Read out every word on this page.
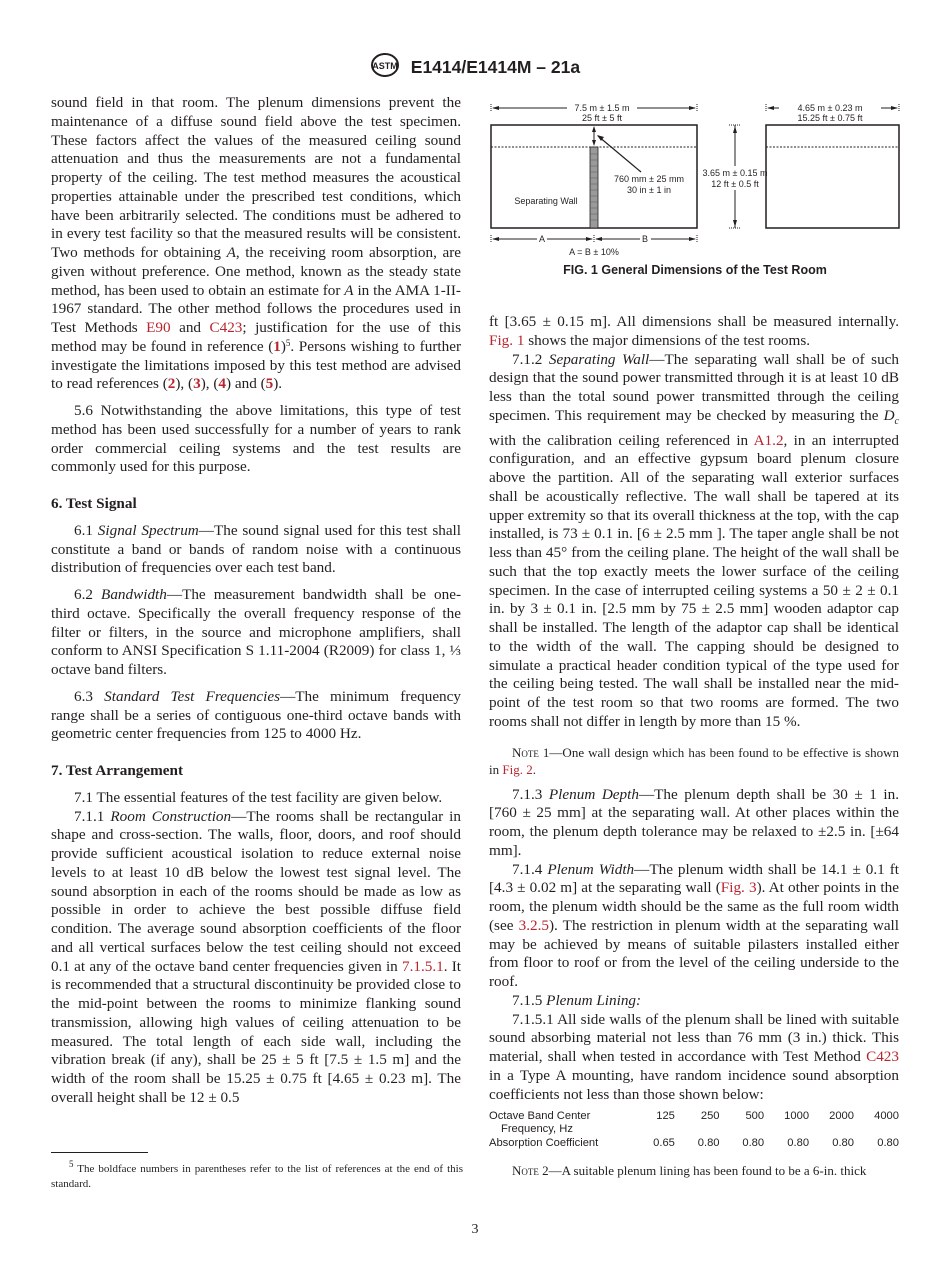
ASTM E1414/E1414M – 21a

sound field in that room. The plenum dimensions prevent the maintenance of a diffuse sound field above the test specimen. These factors affect the values of the measured ceiling sound attenuation and thus the measurements are not a fundamental property of the ceiling. The test method measures the acoustical properties attainable under the prescribed test conditions, which have been arbitrarily selected. The conditions must be adhered to in every test facility so that the measured results will be consistent. Two methods for obtaining A, the receiving room absorption, are given without preference. One method, known as the steady state method, has been used to obtain an estimate for A in the AMA 1-II-1967 standard. The other method follows the procedures used in Test Methods E90 and C423; justification for the use of this method may be found in reference $(1)^5$. Persons wishing to further investigate the limitations imposed by this test method are advised to read references (2), (3), (4) and (5).

5.6 Notwithstanding the above limitations, this type of test method has been used successfully for a number of years to rank order commercial ceiling systems and the test results are commonly used for this purpose.

6. Test Signal

6.1 Signal Spectrum—The sound signal used for this test shall constitute a band or bands of random noise with a continuous distribution of frequencies over each test band.

6.2 Bandwidth—The measurement bandwidth shall be one-third octave. Specifically the overall frequency response of the filter or filters, in the source and microphone amplifiers, shall conform to ANSI Specification S 1.11-2004 (R2009) for class 1, ⅓ octave band filters.

6.3 Standard Test Frequencies—The minimum frequency range shall be a series of contiguous one-third octave bands with geometric center frequencies from 125 to 4000 Hz.

7. Test Arrangement

7.1 The essential features of the test facility are given below.

7.1.1 Room Construction—The rooms shall be rectangular in shape and cross-section. The walls, floor, doors, and roof should provide sufficient acoustical isolation to reduce external noise levels to at least 10 dB below the lowest test signal level. The sound absorption in each of the rooms should be made as low as possible in order to achieve the best possible diffuse field condition. The average sound absorption coefficients of the floor and all vertical surfaces below the test ceiling should not exceed 0.1 at any of the octave band center frequencies given in 7.1.5.1. It is recommended that a structural discontinuity be provided close to the mid-point between the rooms to minimize flanking sound transmission, allowing high values of ceiling attenuation to be measured. The total length of each side wall, including the vibration break (if any), shall be 25 ± 5 ft [7.5 ± 1.5 m] and the width of the room shall be 15.25 ± 0.75 ft [4.65 ± 0.23 m]. The overall height shall be 12 ± 0.5

7.5 m ± 1.5 m
25 ft ± 5 ft
760 mm ± 25 mm
30 in ± 1 in
Separating Wall
3.65 m ± 0.15 m
12 ft ± 0.5 ft
4.65 m ± 0.23 m
15.25 ft ± 0.75 ft
A	B
A = B ± 10%
FIG. 1 General Dimensions of the Test Room

ft [3.65 ± 0.15 m]. All dimensions shall be measured internally. Fig. 1 shows the major dimensions of the test rooms.

7.1.2 Separating Wall—The separating wall shall be of such design that the sound power transmitted through it is at least 10 dB less than the total sound power transmitted through the ceiling specimen. This requirement may be checked by measuring the $D_c$ with the calibration ceiling referenced in A1.2, in an interrupted configuration, and an effective gypsum board plenum closure above the partition. All of the separating wall exterior surfaces shall be acoustically reflective. The wall shall be tapered at its upper extremity so that its overall thickness at the top, with the cap installed, is 73 ± 0.1 in. [6 ± 2.5 mm ]. The taper angle shall be not less than 45° from the ceiling plane. The height of the wall shall be such that the top exactly meets the lower surface of the ceiling specimen. In the case of interrupted ceiling systems a 50 ± 2 ± 0.1 in. by 3 ± 0.1 in. [2.5 mm by 75 ± 2.5 mm] wooden adaptor cap shall be installed. The length of the adaptor cap shall be identical to the width of the wall. The capping should be designed to simulate a practical header condition typical of the type used for the ceiling being tested. The wall shall be installed near the mid-point of the test room so that two rooms are formed. The two rooms shall not differ in length by more than 15 %.

Note 1—One wall design which has been found to be effective is shown in Fig. 2.

7.1.3 Plenum Depth—The plenum depth shall be 30 ± 1 in. [760 ± 25 mm] at the separating wall. At other places within the room, the plenum depth tolerance may be relaxed to ±2.5 in. [±64 mm].

7.1.4 Plenum Width—The plenum width shall be 14.1 ± 0.1 ft [4.3 ± 0.02 m] at the separating wall (Fig. 3). At other points in the room, the plenum width should be the same as the full room width (see 3.2.5). The restriction in plenum width at the separating wall may be achieved by means of suitable pilasters installed either from floor to roof or from the level of the ceiling underside to the roof.

7.1.5 Plenum Lining:

7.1.5.1 All side walls of the plenum shall be lined with suitable sound absorbing material not less than 76 mm (3 in.) thick. This material, shall when tested in accordance with Test Method C423 in a Type A mounting, have random incidence sound absorption coefficients not less than those shown below:

Octave Band Center Frequency, Hz	125	250	500	1000	2000	4000
Absorption Coefficient	0.65	0.80	0.80	0.80	0.80	0.80

Note 2—A suitable plenum lining has been found to be a 6-in. thick

$^5$ The boldface numbers in parentheses refer to the list of references at the end of this standard.

3
